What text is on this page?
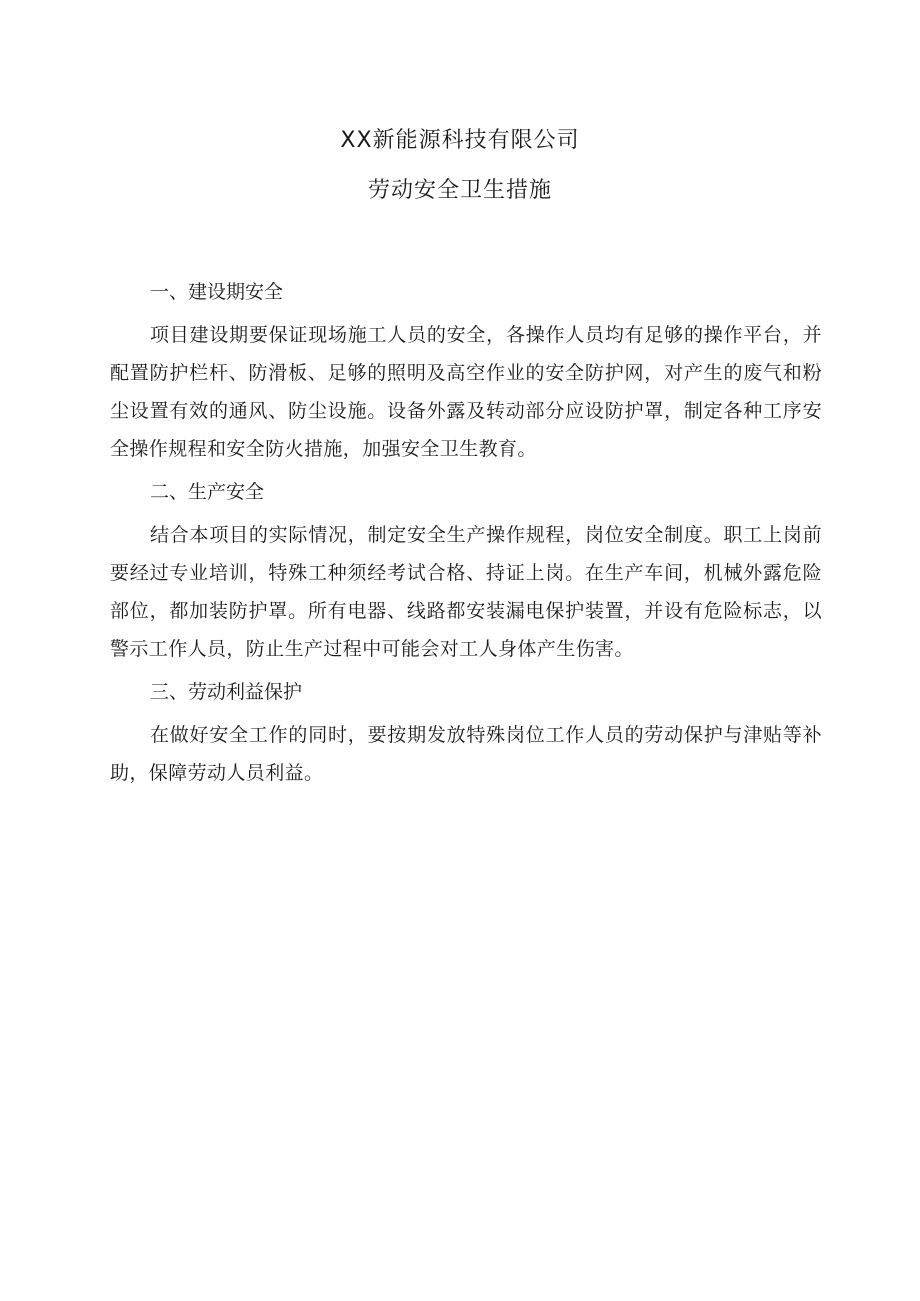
XX新能源科技有限公司

劳动安全卫生措施

一、建设期安全

项目建设期要保证现场施工人员的安全，各操作人员均有足够的操作平台，并配置防护栏杆、防滑板、足够的照明及高空作业的安全防护网，对产生的废气和粉尘设置有效的通风、防尘设施。设备外露及转动部分应设防护罩，制定各种工序安全操作规程和安全防火措施，加强安全卫生教育。

二、生产安全

结合本项目的实际情况，制定安全生产操作规程，岗位安全制度。职工上岗前要经过专业培训，特殊工种须经考试合格、持证上岗。在生产车间，机械外露危险部位，都加装防护罩。所有电器、线路都安装漏电保护装置，并设有危险标志，以警示工作人员，防止生产过程中可能会对工人身体产生伤害。

三、劳动利益保护

在做好安全工作的同时，要按期发放特殊岗位工作人员的劳动保护与津贴等补助，保障劳动人员利益。
